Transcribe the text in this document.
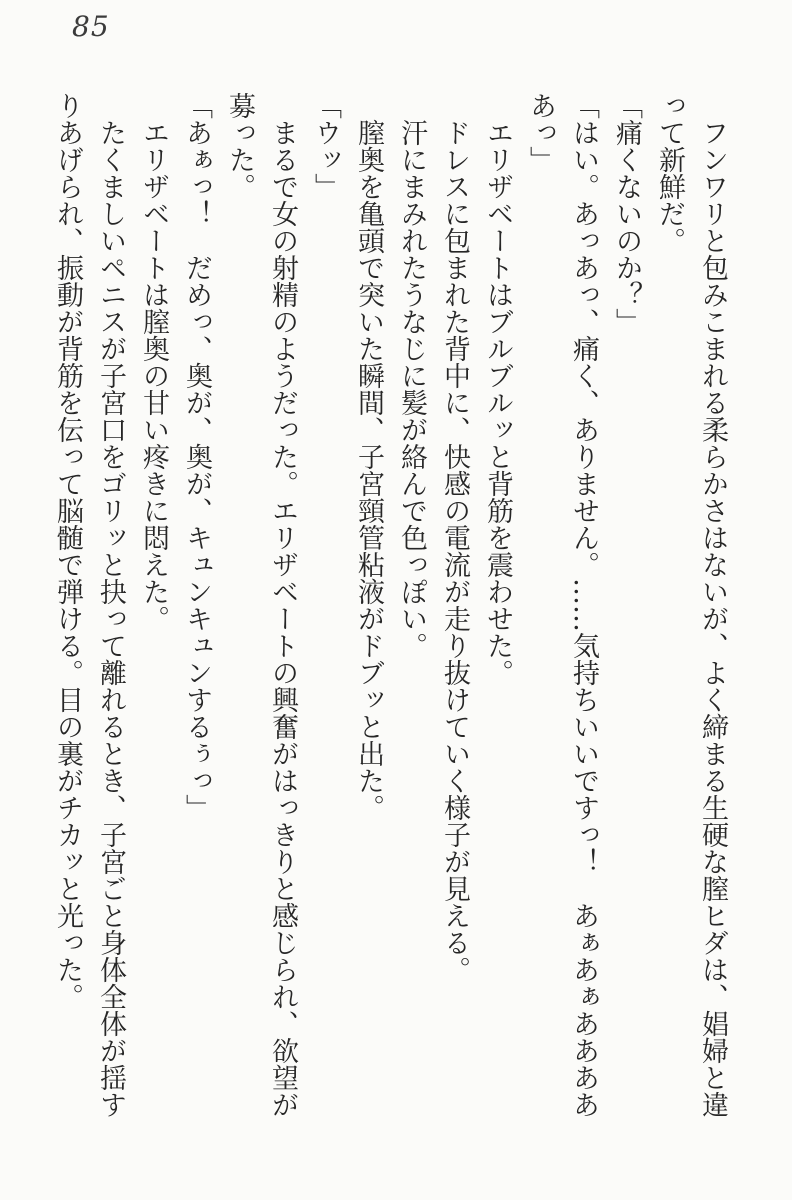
85

フンワリと包みこまれる柔らかさはないが、よく締まる生硬な膣ヒダは、娼婦と違って新鮮だ。

「痛くないのか？」

「はい。あっあっ、痛く、ありません。……気持ちいいですっ！　あぁあぁあああああっ」

エリザベートはブルブルッと背筋を震わせた。

ドレスに包まれた背中に、快感の電流が走り抜けていく様子が見える。

汗にまみれたうなじに髪が絡んで色っぽい。

膣奥を亀頭で突いた瞬間、子宮頸管粘液がドブッと出た。

「ウッ」

まるで女の射精のようだった。エリザベートの興奮がはっきりと感じられ、欲望が募った。

「あぁっ！　だめっ、奥が、奥が、キュンキュンするぅっ」

エリザベートは膣奥の甘い疼きに悶えた。

たくましいペニスが子宮口をゴリッと抉って離れるとき、子宮ごと身体全体が揺すりあげられ、振動が背筋を伝って脳髄で弾ける。目の裏がチカッと光った。
